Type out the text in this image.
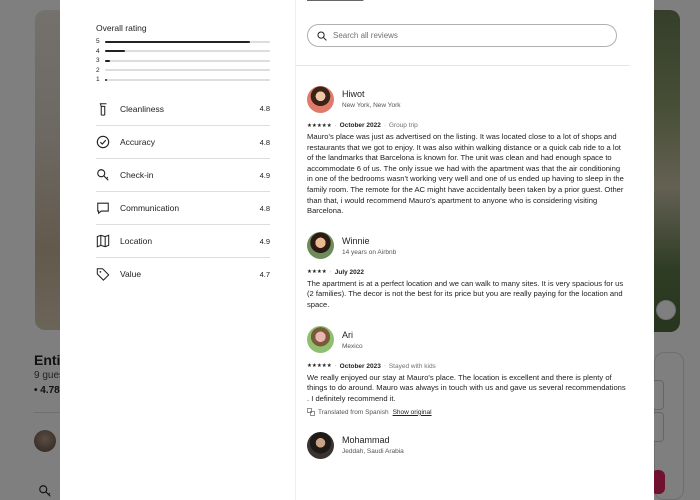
Overall rating
5
4
3
2
1
Cleanliness	4.8
Accuracy	4.8
Check-in	4.9
Communication	4.8
Location	4.9
Value	4.7
Search all reviews
Hiwot
New York, New York
★★★★★ · October 2022 · Group trip
Mauro's place was just as advertised on the listing. It was located close to a lot of shops and restaurants that we got to enjoy. It was also within walking distance or a quick cab ride to a lot of the landmarks that Barcelona is known for. The unit was clean and had enough space to accommodate 6 of us. The only issue we had with the apartment was that the air conditioning in one of the bedrooms wasn't working very well and one of us ended up having to sleep in the family room. The remote for the AC might have accidentally been taken by a prior guest. Other than that, i would recommend Mauro's apartment to anyone who is considering visiting Barcelona.
Winnie
14 years on Airbnb
★★★★ · July 2022
The apartment is at a perfect location and we can walk to many sites. It is very spacious for us (2 families). The decor is not the best for its price but you are really paying for the location and space.
Ari
Mexico
★★★★★ · October 2023 · Stayed with kids
We really enjoyed our stay at Mauro's place. The location is excellent and there is plenty of things to do around. Mauro was always in touch with us and gave us several recommendations . I definitely recommend it.
Translated from Spanish Show original
Mohammad
Jeddah, Saudi Arabia
